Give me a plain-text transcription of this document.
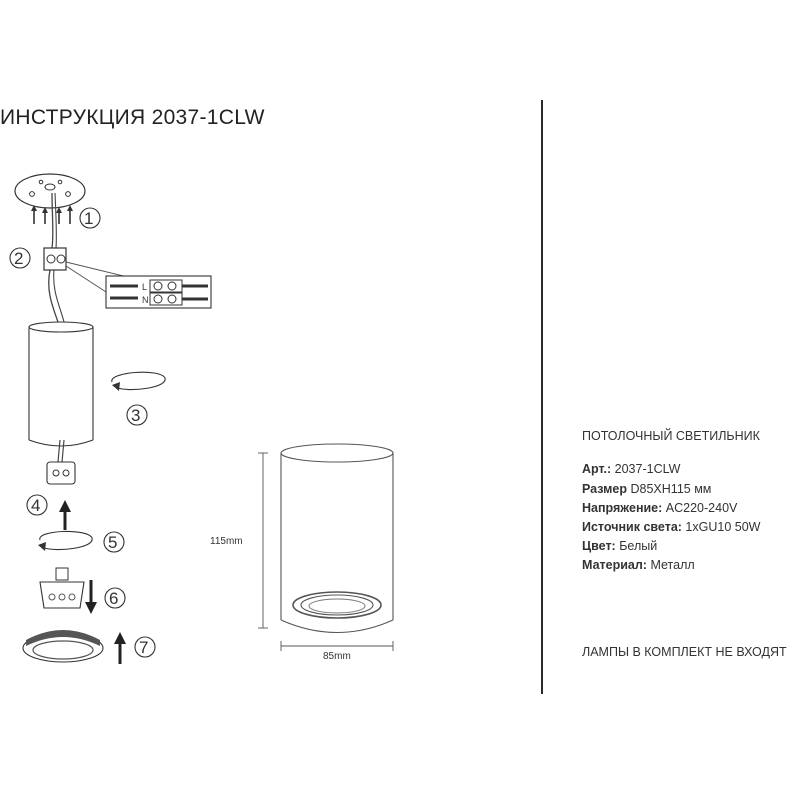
ИНСТРУКЦИЯ 2037-1CLW
L
N
1
2
3
4
5
6
7
115mm
85mm
ПОТОЛОЧНЫЙ СВЕТИЛЬНИК
Арт.: 2037-1CLW
Размер D85XH115 мм
Напряжение: AC220-240V
Источник света: 1xGU10 50W
Цвет: Белый
Материал: Металл
ЛАМПЫ В КОМПЛЕКТ НЕ ВХОДЯТ
